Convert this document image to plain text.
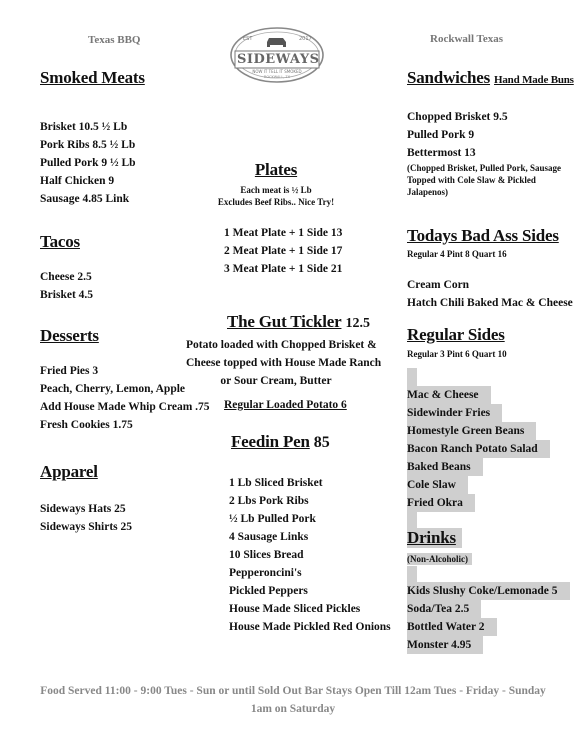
Texas BBQ	Rockwall Texas
EST	2017
SIDEWAYS
NOW IT TELL IT SMOKED
ROCKWALL, TX
Smoked Meats
Brisket 10.5 ½ Lb
Pork Ribs 8.5 ½ Lb
Pulled Pork 9 ½ Lb
Half Chicken 9
Sausage 4.85 Link
Tacos
Cheese 2.5
Brisket 4.5
Desserts
Fried Pies 3
Peach, Cherry, Lemon, Apple
Add House Made Whip Cream .75
Fresh Cookies 1.75
Apparel
Sideways Hats 25
Sideways Shirts 25
Plates
Each meat is ½ Lb
Excludes Beef Ribs.. Nice Try!
1 Meat Plate + 1 Side 13
2 Meat Plate + 1 Side 17
3 Meat Plate + 1 Side 21
The Gut Tickler 12.5
Potato loaded with Chopped Brisket &
Cheese topped with House Made Ranch
or Sour Cream, Butter
Regular Loaded Potato 6
Feedin Pen 85
1 Lb Sliced Brisket
2 Lbs Pork Ribs
½ Lb Pulled Pork
4 Sausage Links
10 Slices Bread
Pepperoncini's
Pickled Peppers
House Made Sliced Pickles
House Made Pickled Red Onions
Sandwiches Hand Made Buns
Chopped Brisket 9.5
Pulled Pork 9
Bettermost 13
(Chopped Brisket, Pulled Pork, Sausage
Topped with Cole Slaw & Pickled
Jalapenos)
Todays Bad Ass Sides
Regular 4 Pint 8 Quart 16
Cream Corn
Hatch Chili Baked Mac & Cheese
Regular Sides
Regular 3 Pint 6 Quart 10
Mac & Cheese
Sidewinder Fries
Homestyle Green Beans
Bacon Ranch Potato Salad
Baked Beans
Cole Slaw
Fried Okra
Drinks
(Non-Alcoholic)
Kids Slushy Coke/Lemonade 5
Soda/Tea 2.5
Bottled Water 2
Monster 4.95
Food Served 11:00 - 9:00 Tues - Sun or until Sold Out Bar Stays Open Till 12am Tues - Friday - Sunday
1am on Saturday
